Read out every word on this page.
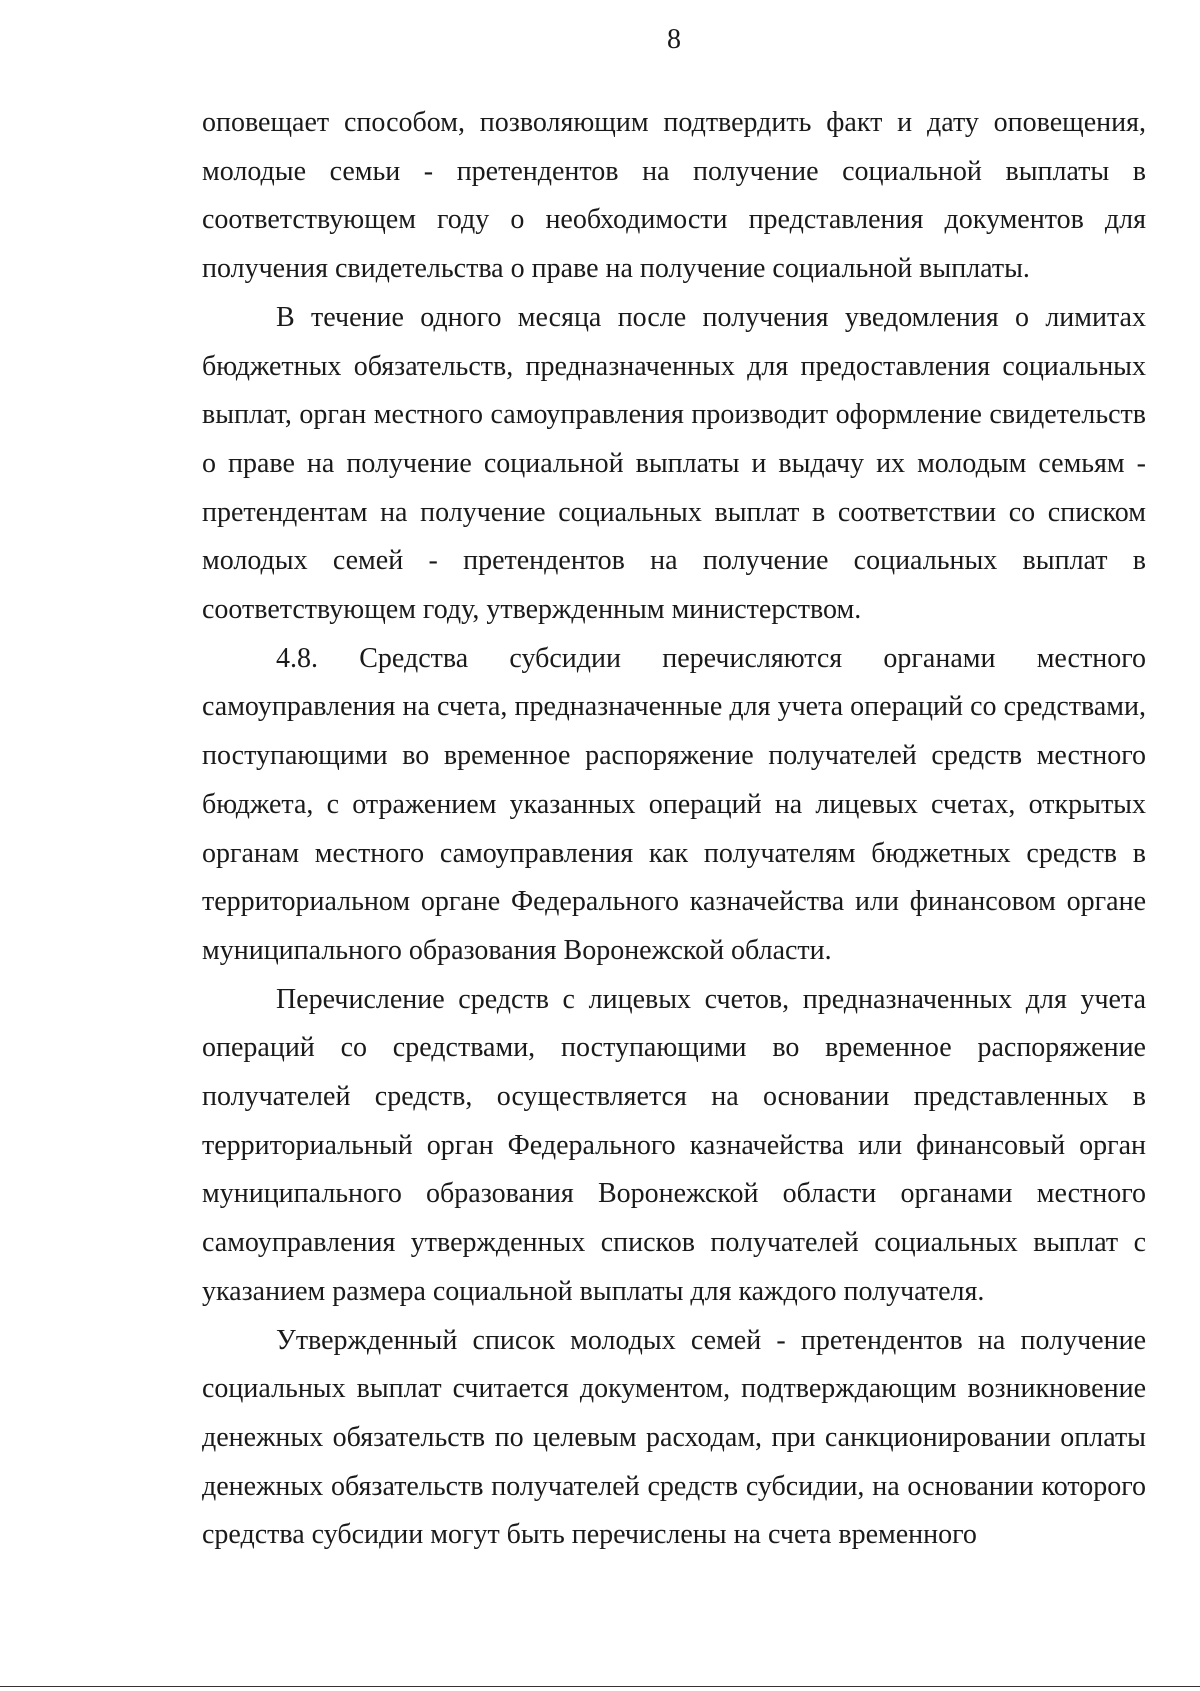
8

оповещает способом, позволяющим подтвердить факт и дату оповещения, молодые семьи - претендентов на получение социальной выплаты в соответствующем году о необходимости представления документов для получения свидетельства о праве на получение социальной выплаты.

В течение одного месяца после получения уведомления о лимитах бюджетных обязательств, предназначенных для предоставления социальных выплат, орган местного самоуправления производит оформление свидетельств о праве на получение социальной выплаты и выдачу их молодым семьям - претендентам на получение социальных выплат в соответствии со списком молодых семей - претендентов на получение социальных выплат в соответствующем году, утвержденным министерством.

4.8. Средства субсидии перечисляются органами местного самоуправления на счета, предназначенные для учета операций со средствами, поступающими во временное распоряжение получателей средств местного бюджета, с отражением указанных операций на лицевых счетах, открытых органам местного самоуправления как получателям бюджетных средств в территориальном органе Федерального казначейства или финансовом органе муниципального образования Воронежской области.

Перечисление средств с лицевых счетов, предназначенных для учета операций со средствами, поступающими во временное распоряжение получателей средств, осуществляется на основании представленных в территориальный орган Федерального казначейства или финансовый орган муниципального образования Воронежской области органами местного самоуправления утвержденных списков получателей социальных выплат с указанием размера социальной выплаты для каждого получателя.

Утвержденный список молодых семей - претендентов на получение социальных выплат считается документом, подтверждающим возникновение денежных обязательств по целевым расходам, при санкционировании оплаты денежных обязательств получателей средств субсидии, на основании которого средства субсидии могут быть перечислены на счета временного
